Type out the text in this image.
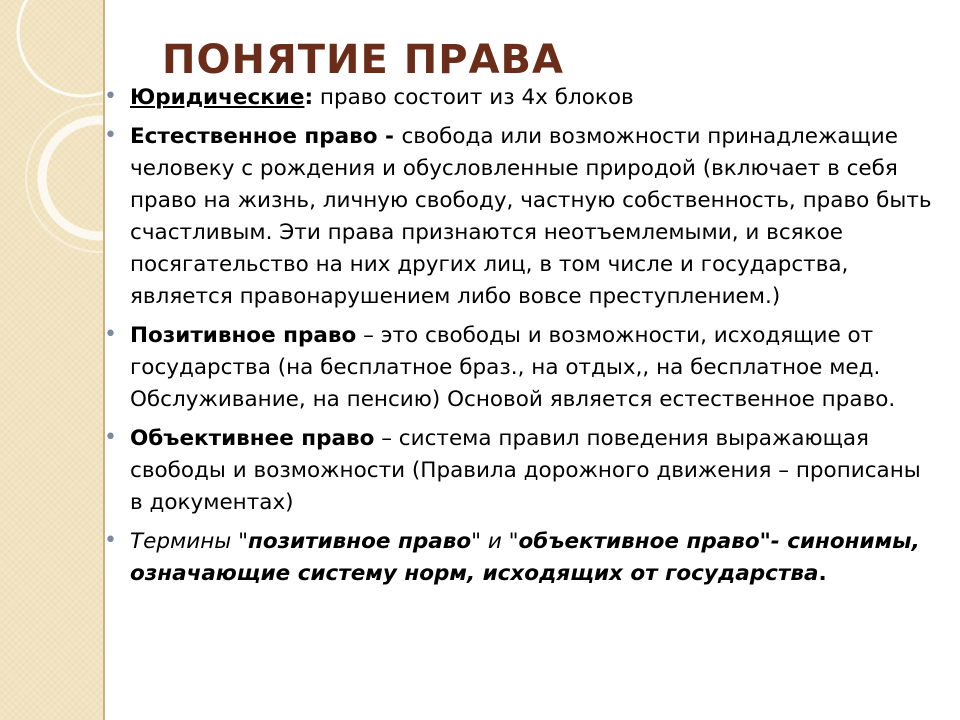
ПОНЯТИЕ ПРАВА
• Юридические: право состоит из 4х блоков
• Естественное право - свобода или возможности принадлежащие человеку с рождения и обусловленные природой (включает в себя право на жизнь, личную свободу, частную собственность, право быть счастливым. Эти права признаются неотъемлемыми, и всякое посягательство на них других лиц, в том числе и государства, является правонарушением либо вовсе преступлением.)
• Позитивное право – это свободы и возможности, исходящие от государства (на бесплатное браз., на отдых,, на бесплатное мед. Обслуживание, на пенсию) Основой является естественное право.
• Объективнее право – система правил поведения выражающая свободы и возможности (Правила дорожного движения – прописаны в документах)
• Термины "позитивное право" и "объективное право"- синонимы, означающие систему норм, исходящих от государства.
